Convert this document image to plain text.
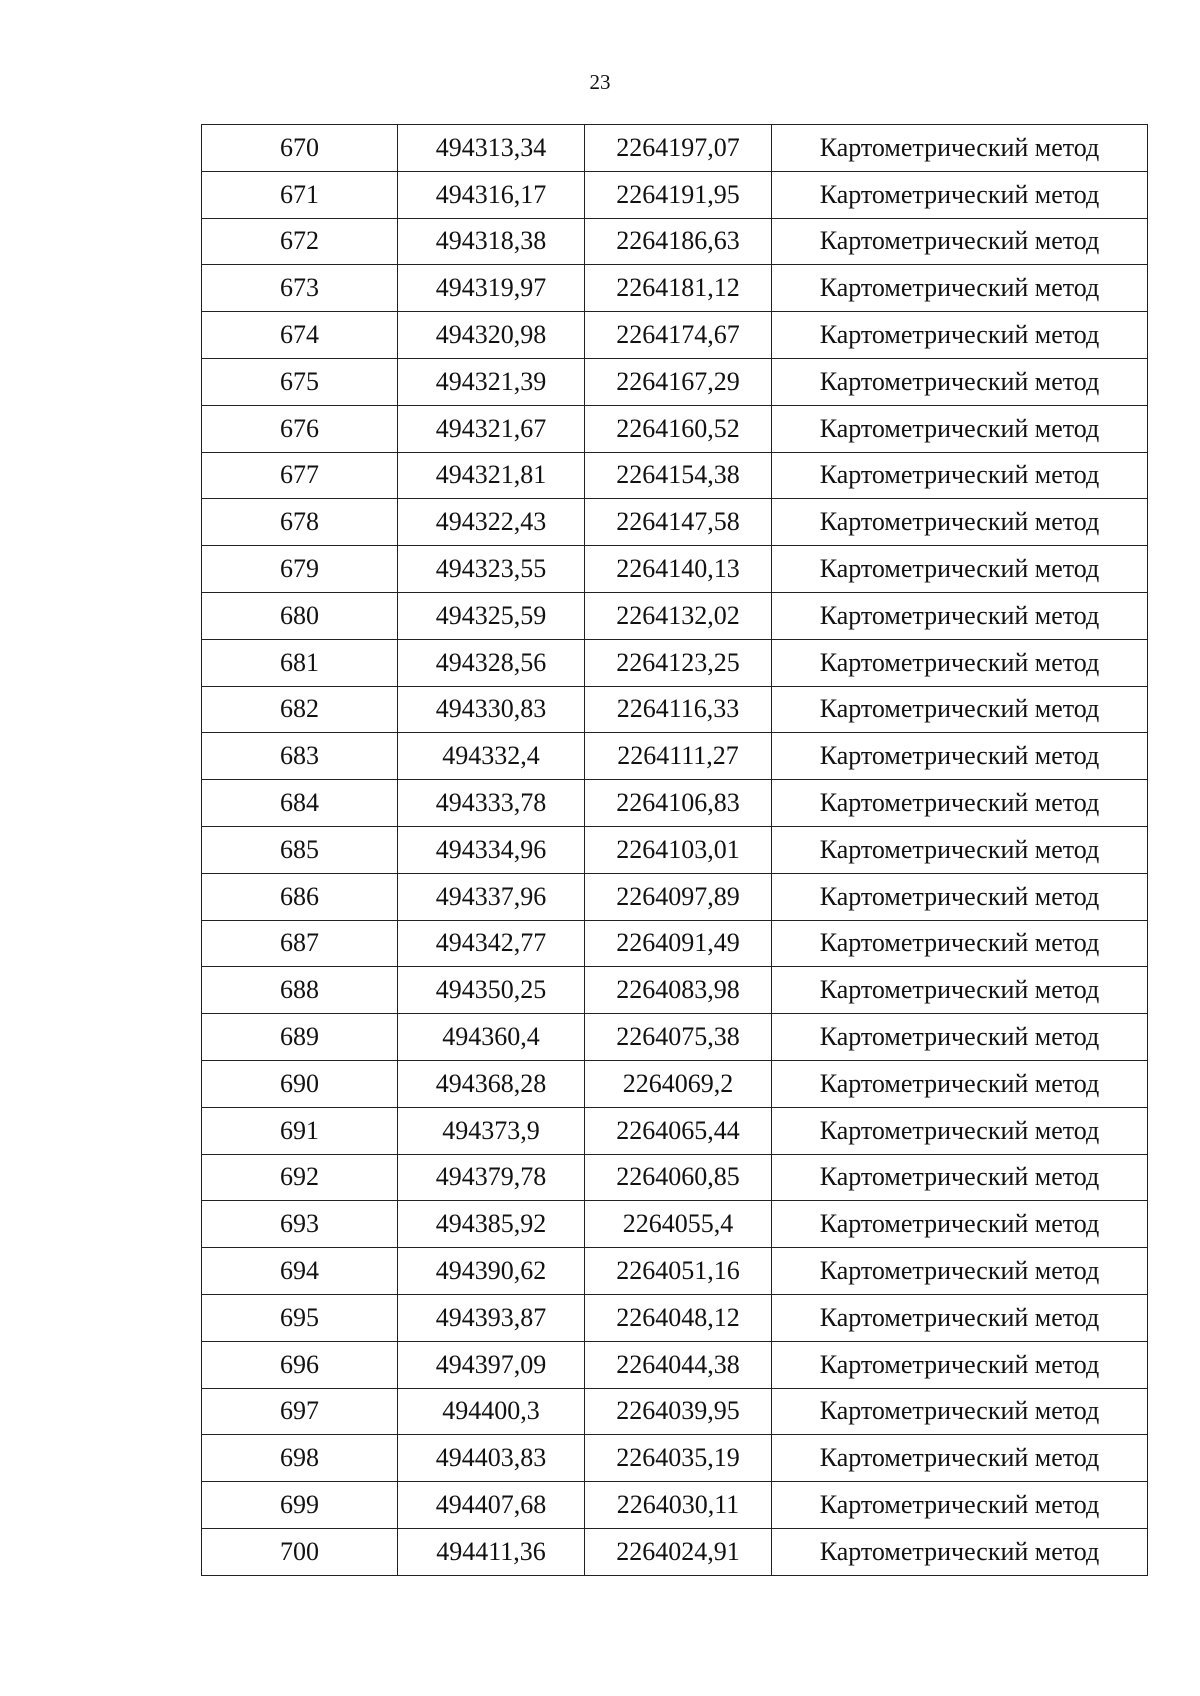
23
670	494313,34	2264197,07	Картометрический метод
671	494316,17	2264191,95	Картометрический метод
672	494318,38	2264186,63	Картометрический метод
673	494319,97	2264181,12	Картометрический метод
674	494320,98	2264174,67	Картометрический метод
675	494321,39	2264167,29	Картометрический метод
676	494321,67	2264160,52	Картометрический метод
677	494321,81	2264154,38	Картометрический метод
678	494322,43	2264147,58	Картометрический метод
679	494323,55	2264140,13	Картометрический метод
680	494325,59	2264132,02	Картометрический метод
681	494328,56	2264123,25	Картометрический метод
682	494330,83	2264116,33	Картометрический метод
683	494332,4	2264111,27	Картометрический метод
684	494333,78	2264106,83	Картометрический метод
685	494334,96	2264103,01	Картометрический метод
686	494337,96	2264097,89	Картометрический метод
687	494342,77	2264091,49	Картометрический метод
688	494350,25	2264083,98	Картометрический метод
689	494360,4	2264075,38	Картометрический метод
690	494368,28	2264069,2	Картометрический метод
691	494373,9	2264065,44	Картометрический метод
692	494379,78	2264060,85	Картометрический метод
693	494385,92	2264055,4	Картометрический метод
694	494390,62	2264051,16	Картометрический метод
695	494393,87	2264048,12	Картометрический метод
696	494397,09	2264044,38	Картометрический метод
697	494400,3	2264039,95	Картометрический метод
698	494403,83	2264035,19	Картометрический метод
699	494407,68	2264030,11	Картометрический метод
700	494411,36	2264024,91	Картометрический метод
